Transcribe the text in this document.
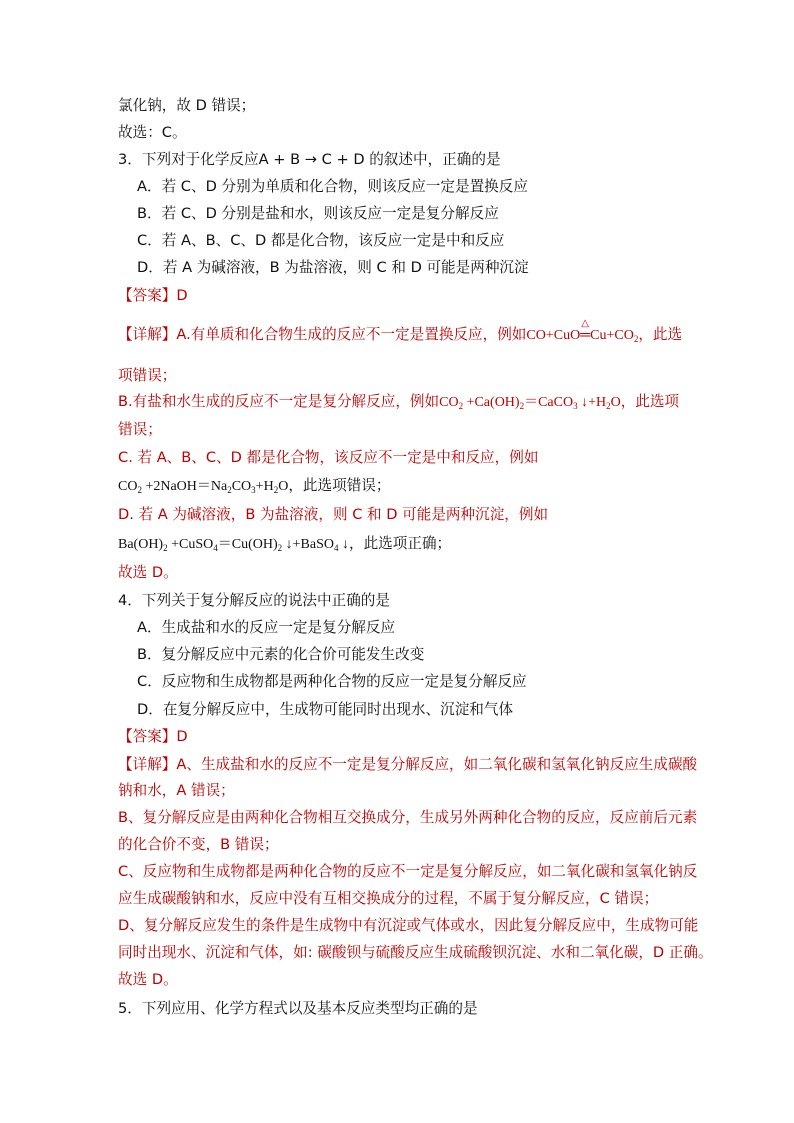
氯化钠，故 D 错误；
故选：C。
3．下列对于化学反应A + B → C + D 的叙述中，正确的是
A．若 C、D 分别为单质和化合物，则该反应一定是置换反应
B．若 C、D 分别是盐和水，则该反应一定是复分解反应
C．若 A、B、C、D 都是化合物，该反应一定是中和反应
D．若 A 为碱溶液，B 为盐溶液，则 C 和 D 可能是两种沉淀
【答案】D
【详解】A.有单质和化合物生成的反应不一定是置换反应，例如CO+CuO
△
$═Cu+CO_2$，此选
项错误；
B.有盐和水生成的反应不一定是复分解反应，例如$CO_2$ $+Ca(OH)_2=CaCO_3$ $↓+H_2O$，此选项
错误；
C. 若 A、B、C、D 都是化合物，该反应不一定是中和反应，例如
$CO_2$ $+2NaOH=Na_2CO_3+H_2O$，此选项错误；
D. 若 A 为碱溶液，B 为盐溶液，则 C 和 D 可能是两种沉淀，例如
$Ba(OH)_2$ $+CuSO_4=Cu(OH)_2$ ↓+BaSO$_4$ ↓，此选项正确；
故选 D。
4．下列关于复分解反应的说法中正确的是
A．生成盐和水的反应一定是复分解反应
B．复分解反应中元素的化合价可能发生改变
C．反应物和生成物都是两种化合物的反应一定是复分解反应
D．在复分解反应中，生成物可能同时出现水、沉淀和气体
【答案】D
【详解】A、生成盐和水的反应不一定是复分解反应，如二氧化碳和氢氧化钠反应生成碳酸
钠和水，A 错误；
B、复分解反应是由两种化合物相互交换成分，生成另外两种化合物的反应，反应前后元素
的化合价不变，B 错误；
C、反应物和生成物都是两种化合物的反应不一定是复分解反应，如二氧化碳和氢氧化钠反
应生成碳酸钠和水，反应中没有互相交换成分的过程，不属于复分解反应，C 错误；
D、复分解反应发生的条件是生成物中有沉淀或气体或水，因此复分解反应中，生成物可能
同时出现水、沉淀和气体，如: 碳酸钡与硫酸反应生成硫酸钡沉淀、水和二氧化碳，D 正确。
故选 D。
5．下列应用、化学方程式以及基本反应类型均正确的是
